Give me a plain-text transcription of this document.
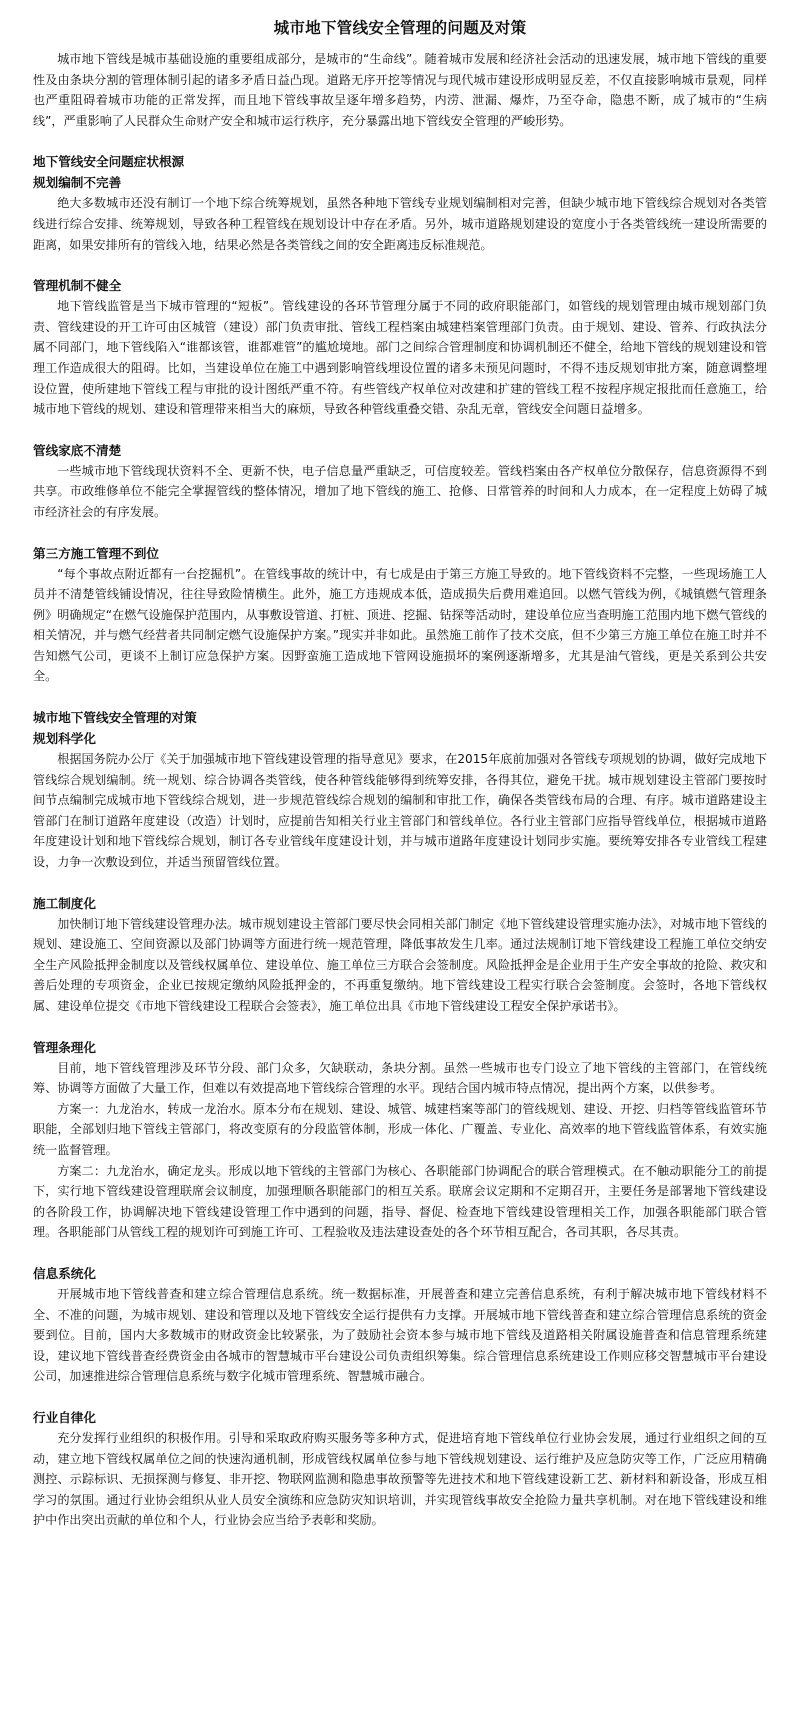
城市地下管线安全管理的问题及对策

城市地下管线是城市基础设施的重要组成部分，是城市的“生命线”。随着城市发展和经济社会活动的迅速发展，城市地下管线的重要性及由条块分割的管理体制引起的诸多矛盾日益凸现。道路无序开挖等情况与现代城市建设形成明显反差，不仅直接影响城市景观，同样也严重阻碍着城市功能的正常发挥，而且地下管线事故呈逐年增多趋势，内涝、泄漏、爆炸，乃至夺命，隐患不断，成了城市的“生病线”，严重影响了人民群众生命财产安全和城市运行秩序，充分暴露出地下管线安全管理的严峻形势。

地下管线安全问题症状根源
规划编制不完善

绝大多数城市还没有制订一个地下综合统筹规划，虽然各种地下管线专业规划编制相对完善，但缺少城市地下管线综合规划对各类管线进行综合安排、统筹规划，导致各种工程管线在规划设计中存在矛盾。另外，城市道路规划建设的宽度小于各类管线统一建设所需要的距离，如果安排所有的管线入地，结果必然是各类管线之间的安全距离违反标准规范。

管理机制不健全

地下管线监管是当下城市管理的“短板”。管线建设的各环节管理分属于不同的政府职能部门，如管线的规划管理由城市规划部门负责、管线建设的开工许可由区城管（建设）部门负责审批、管线工程档案由城建档案管理部门负责。由于规划、建设、管养、行政执法分属不同部门，地下管线陷入“谁都该管，谁都难管”的尴尬境地。部门之间综合管理制度和协调机制还不健全，给地下管线的规划建设和管理工作造成很大的阻碍。比如，当建设单位在施工中遇到影响管线埋设位置的诸多未预见问题时，不得不违反规划审批方案，随意调整埋设位置，使所建地下管线工程与审批的设计图纸严重不符。有些管线产权单位对改建和扩建的管线工程不按程序规定报批而任意施工，给城市地下管线的规划、建设和管理带来相当大的麻烦，导致各种管线重叠交错、杂乱无章，管线安全问题日益增多。

管线家底不清楚

一些城市地下管线现状资料不全、更新不快，电子信息量严重缺乏，可信度较差。管线档案由各产权单位分散保存，信息资源得不到共享。市政维修单位不能完全掌握管线的整体情况，增加了地下管线的施工、抢修、日常管养的时间和人力成本，在一定程度上妨碍了城市经济社会的有序发展。

第三方施工管理不到位

“每个事故点附近都有一台挖掘机”。在管线事故的统计中，有七成是由于第三方施工导致的。地下管线资料不完整，一些现场施工人员并不清楚管线铺设情况，往往导致险情横生。此外，施工方违规成本低，造成损失后费用难追回。以燃气管线为例，《城镇燃气管理条例》明确规定“在燃气设施保护范围内，从事敷设管道、打桩、顶进、挖掘、钻探等活动时，建设单位应当查明施工范围内地下燃气管线的相关情况，并与燃气经营者共同制定燃气设施保护方案。”现实并非如此。虽然施工前作了技术交底，但不少第三方施工单位在施工时并不告知燃气公司，更谈不上制订应急保护方案。因野蛮施工造成地下管网设施损坏的案例逐渐增多，尤其是油气管线，更是关系到公共安全。

城市地下管线安全管理的对策
规划科学化

根据国务院办公厅《关于加强城市地下管线建设管理的指导意见》要求，在2015年底前加强对各管线专项规划的协调，做好完成地下管线综合规划编制。统一规划、综合协调各类管线，使各种管线能够得到统筹安排，各得其位，避免干扰。城市规划建设主管部门要按时间节点编制完成城市地下管线综合规划，进一步规范管线综合规划的编制和审批工作，确保各类管线布局的合理、有序。城市道路建设主管部门在制订道路年度建设（改造）计划时，应提前告知相关行业主管部门和管线单位。各行业主管部门应指导管线单位，根据城市道路年度建设计划和地下管线综合规划，制订各专业管线年度建设计划，并与城市道路年度建设计划同步实施。要统筹安排各专业管线工程建设，力争一次敷设到位，并适当预留管线位置。

施工制度化

加快制订地下管线建设管理办法。城市规划建设主管部门要尽快会同相关部门制定《地下管线建设管理实施办法》，对城市地下管线的规划、建设施工、空间资源以及部门协调等方面进行统一规范管理，降低事故发生几率。通过法规制订地下管线建设工程施工单位交纳安全生产风险抵押金制度以及管线权属单位、建设单位、施工单位三方联合会签制度。风险抵押金是企业用于生产安全事故的抢险、救灾和善后处理的专项资金，企业已按规定缴纳风险抵押金的，不再重复缴纳。地下管线建设工程实行联合会签制度。会签时，各地下管线权属、建设单位提交《市地下管线建设工程联合会签表》，施工单位出具《市地下管线建设工程安全保护承诺书》。

管理条理化

目前，地下管线管理涉及环节分段、部门众多，欠缺联动，条块分割。虽然一些城市也专门设立了地下管线的主管部门，在管线统筹、协调等方面做了大量工作，但难以有效提高地下管线综合管理的水平。现结合国内城市特点情况，提出两个方案，以供参考。

方案一：九龙治水，转成一龙治水。原本分布在规划、建设、城管、城建档案等部门的管线规划、建设、开挖、归档等管线监管环节职能，全部划归地下管线主管部门，将改变原有的分段监管体制，形成一体化、广覆盖、专业化、高效率的地下管线监管体系，有效实施统一监督管理。

方案二：九龙治水，确定龙头。形成以地下管线的主管部门为核心、各职能部门协调配合的联合管理模式。在不触动职能分工的前提下，实行地下管线建设管理联席会议制度，加强理顺各职能部门的相互关系。联席会议定期和不定期召开，主要任务是部署地下管线建设的各阶段工作，协调解决地下管线建设管理工作中遇到的问题，指导、督促、检查地下管线建设管理相关工作，加强各职能部门联合管理。各职能部门从管线工程的规划许可到施工许可、工程验收及违法建设查处的各个环节相互配合，各司其职，各尽其责。

信息系统化

开展城市地下管线普查和建立综合管理信息系统。统一数据标准，开展普查和建立完善信息系统，有利于解决城市地下管线材料不全、不准的问题，为城市规划、建设和管理以及地下管线安全运行提供有力支撑。开展城市地下管线普查和建立综合管理信息系统的资金要到位。目前，国内大多数城市的财政资金比较紧张，为了鼓励社会资本参与城市地下管线及道路相关附属设施普查和信息管理系统建设，建议地下管线普查经费资金由各城市的智慧城市平台建设公司负责组织筹集。综合管理信息系统建设工作则应移交智慧城市平台建设公司，加速推进综合管理信息系统与数字化城市管理系统、智慧城市融合。

行业自律化

充分发挥行业组织的积极作用。引导和采取政府购买服务等多种方式，促进培育地下管线单位行业协会发展，通过行业组织之间的互动，建立地下管线权属单位之间的快速沟通机制，形成管线权属单位参与地下管线规划建设、运行维护及应急防灾等工作，广泛应用精确测控、示踪标识、无损探测与修复、非开挖、物联网监测和隐患事故预警等先进技术和地下管线建设新工艺、新材料和新设备，形成互相学习的氛围。通过行业协会组织从业人员安全演练和应急防灾知识培训，并实现管线事故安全抢险力量共享机制。对在地下管线建设和维护中作出突出贡献的单位和个人，行业协会应当给予表彰和奖励。
